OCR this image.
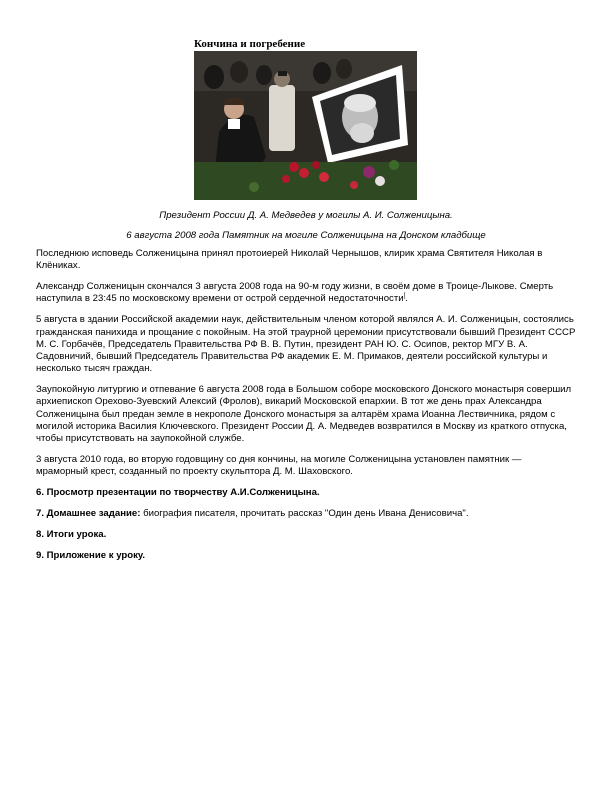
Кончина и погребение
Президент России Д. А. Медведев у могилы А. И. Солженицына.
6 августа 2008 года Памятник на могиле Солженицына на Донском кладбище

Последнюю исповедь Солженицына принял протоиерей Николай Чернышов, клирик храма Святителя Николая в Клёниках.

Александр Солженицын скончался 3 августа 2008 года на 90-м году жизни, в своём доме в Троице-Лыкове. Смерть наступила в 23:45 по московскому времени от острой сердечной недостаточности[.

5 августа в здании Российской академии наук, действительным членом которой являлся А. И. Солженицын, состоялись гражданская панихида и прощание с покойным. На этой траурной церемонии присутствовали бывший Президент СССР М. С. Горбачёв, Председатель Правительства РФ В. В. Путин, президент РАН Ю. С. Осипов, ректор МГУ В. А. Садовничий, бывший Председатель Правительства РФ академик Е. М. Примаков, деятели российской культуры и несколько тысяч граждан.

Заупокойную литургию и отпевание 6 августа 2008 года в Большом соборе московского Донского монастыря совершил архиепископ Орехово-Зуевский Алексий (Фролов), викарий Московской епархии. В тот же день прах Александра Солженицына был предан земле в некрополе Донского монастыря за алтарём храма Иоанна Лествичника, рядом с могилой историка Василия Ключевского. Президент России Д. А. Медведев возвратился в Москву из краткого отпуска, чтобы присутствовать на заупокойной службе.

3 августа 2010 года, во вторую годовщину со дня кончины, на могиле Солженицына установлен памятник — мраморный крест, созданный по проекту скульптора Д. М. Шаховского.

6. Просмотр презентации по творчеству А.И.Солженицына.

7. Домашнее задание: биография писателя, прочитать рассказ "Один день Ивана Денисовича".

8. Итоги урока.

9. Приложение к уроку.
